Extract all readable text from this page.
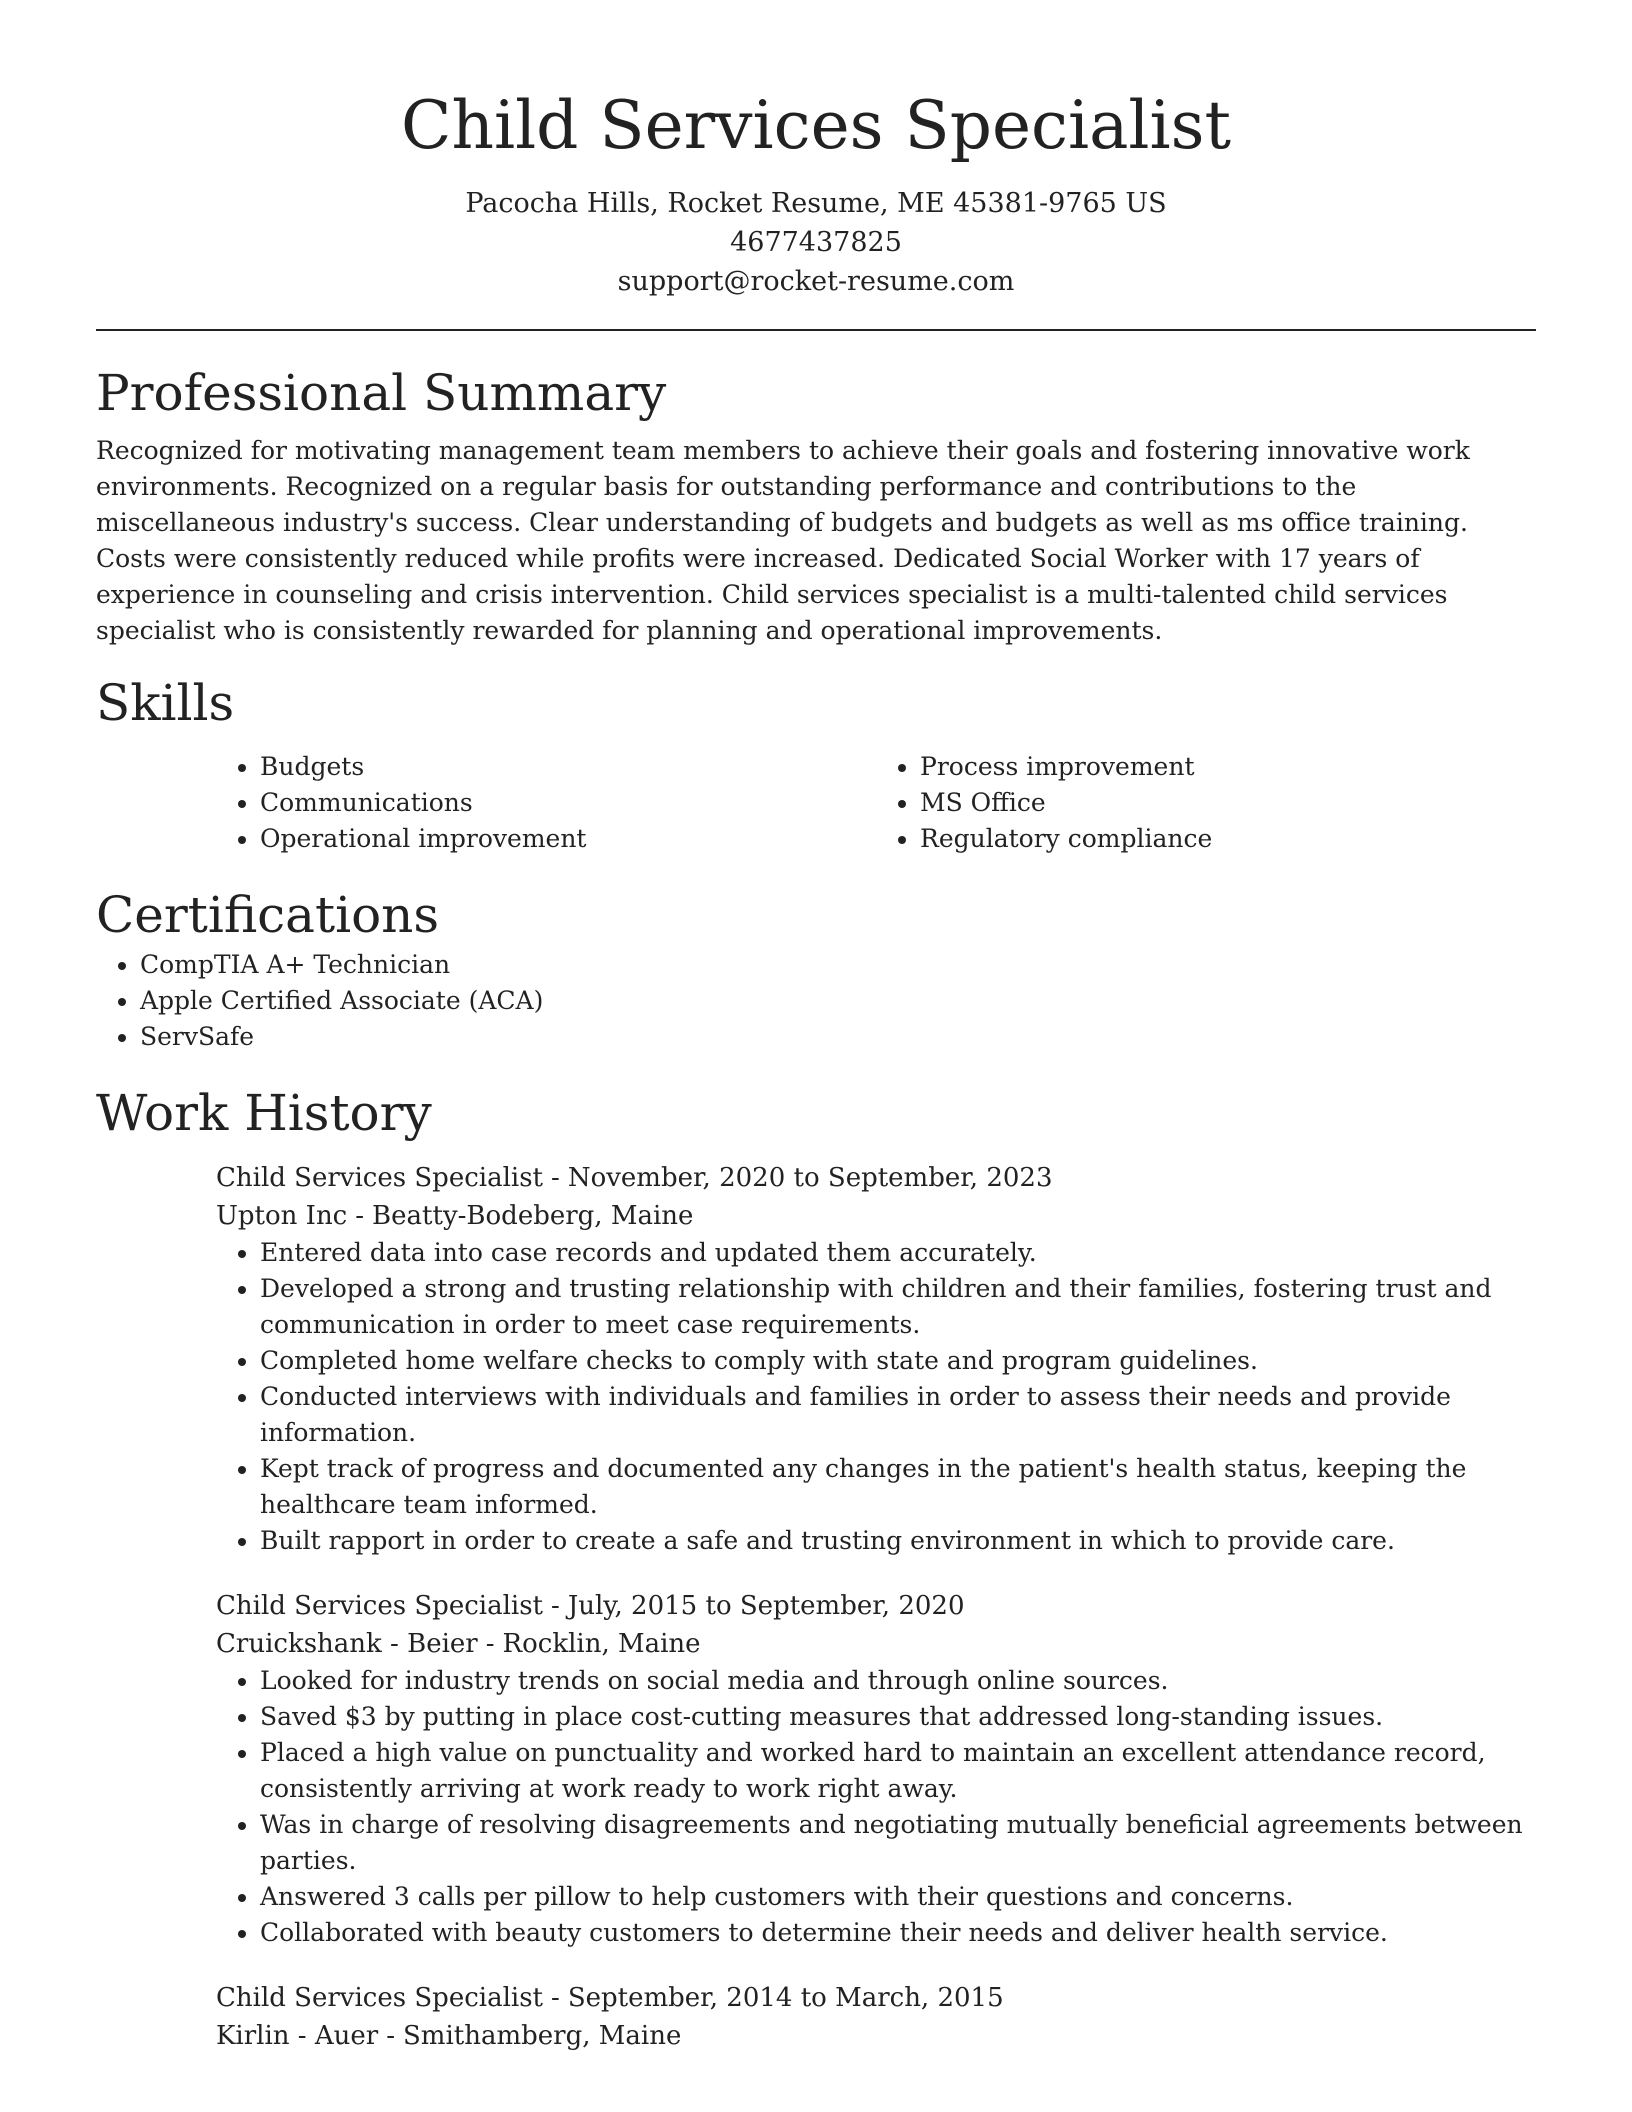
Child Services Specialist
Pacocha Hills, Rocket Resume, ME 45381-9765 US
4677437825
support@rocket-resume.com
Professional Summary

Recognized for motivating management team members to achieve their goals and fostering innovative work environments. Recognized on a regular basis for outstanding performance and contributions to the miscellaneous industry's success. Clear understanding of budgets and budgets as well as ms office training. Costs were consistently reduced while profits were increased. Dedicated Social Worker with 17 years of experience in counseling and crisis intervention. Child services specialist is a multi-talented child services specialist who is consistently rewarded for planning and operational improvements.

Skills
• Budgets
• Communications
• Operational improvement
• Process improvement
• MS Office
• Regulatory compliance
Certifications
• CompTIA A+ Technician
• Apple Certified Associate (ACA)
• ServSafe
Work History
Child Services Specialist - November, 2020 to September, 2023
Upton Inc - Beatty-Bodeberg, Maine
• Entered data into case records and updated them accurately.
• Developed a strong and trusting relationship with children and their families, fostering trust and communication in order to meet case requirements.
• Completed home welfare checks to comply with state and program guidelines.
• Conducted interviews with individuals and families in order to assess their needs and provide information.
• Kept track of progress and documented any changes in the patient's health status, keeping the healthcare team informed.
• Built rapport in order to create a safe and trusting environment in which to provide care.
Child Services Specialist - July, 2015 to September, 2020
Cruickshank - Beier - Rocklin, Maine
• Looked for industry trends on social media and through online sources.
• Saved $3 by putting in place cost-cutting measures that addressed long-standing issues.
• Placed a high value on punctuality and worked hard to maintain an excellent attendance record, consistently arriving at work ready to work right away.
• Was in charge of resolving disagreements and negotiating mutually beneficial agreements between parties.
• Answered 3 calls per pillow to help customers with their questions and concerns.
• Collaborated with beauty customers to determine their needs and deliver health service.
Child Services Specialist - September, 2014 to March, 2015
Kirlin - Auer - Smithamberg, Maine
